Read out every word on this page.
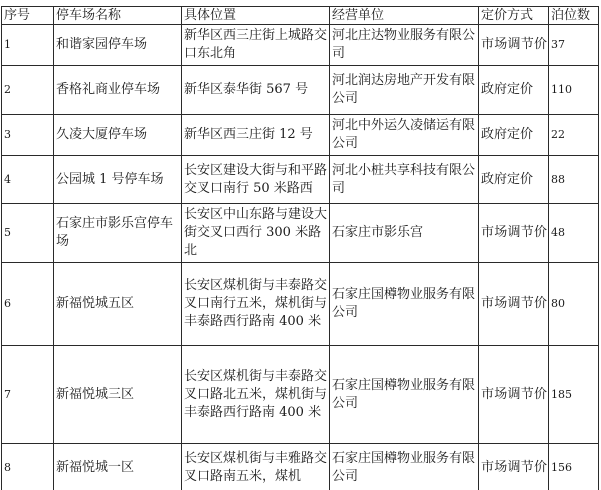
序号	停车场名称	具体位置	经营单位	定价方式	泊位数
1	和谐家园停车场	新华区西三庄街上城路交口东北角	河北庄达物业服务有限公司	市场调节价	37
2	香格礼商业停车场	新华区泰华街 567 号	河北润达房地产开发有限公司	政府定价	110
3	久凌大厦停车场	新华区西三庄街 12 号	河北中外运久凌储运有限公司	政府定价	22
4	公园城 1 号停车场	长安区建设大街与和平路交叉口南行 50 米路西	河北小桩共享科技有限公司	政府定价	88
5	石家庄市影乐宫停车场	长安区中山东路与建设大街交叉口西行 300 米路北	石家庄市影乐宫	市场调节价	48
6	新福悦城五区	长安区煤机街与丰泰路交叉口南行五米，煤机街与丰泰路西行路南 400 米	石家庄国樽物业服务有限公司	市场调节价	80
7	新福悦城三区	长安区煤机街与丰泰路交叉口路北五米，煤机街与丰泰路西行路南 400 米	石家庄国樽物业服务有限公司	市场调节价	185
8	新福悦城一区	长安区煤机街与丰雅路交叉口路南五米，煤机	石家庄国樽物业服务有限公司	市场调节价	156
